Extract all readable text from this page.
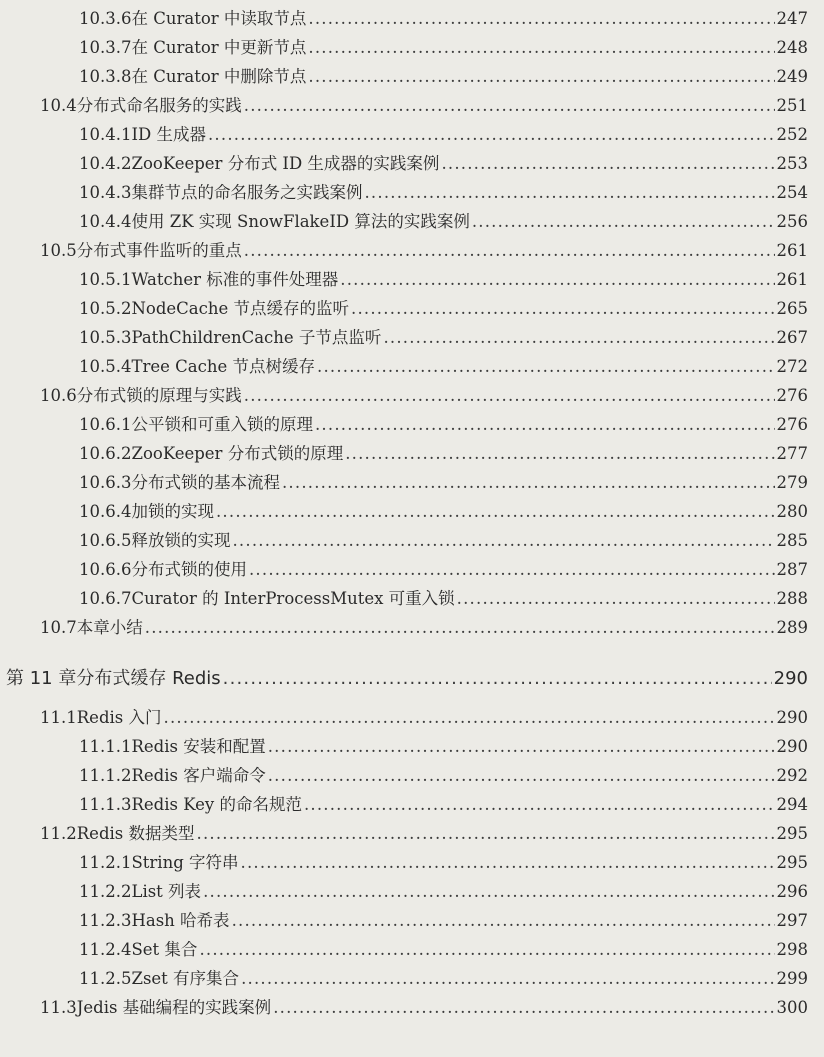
10.3.6 在 Curator 中读取节点 .....	247
10.3.7 在 Curator 中更新节点 .....	248
10.3.8 在 Curator 中删除节点 .....	249
10.4 分布式命名服务的实践 .....	251
10.4.1 ID 生成器 .....	252
10.4.2 ZooKeeper 分布式 ID 生成器的实践案例 .....	253
10.4.3 集群节点的命名服务之实践案例 .....	254
10.4.4 使用 ZK 实现 SnowFlakeID 算法的实践案例 .....	256
10.5 分布式事件监听的重点 .....	261
10.5.1 Watcher 标准的事件处理器 .....	261
10.5.2 NodeCache 节点缓存的监听 .....	265
10.5.3 PathChildrenCache 子节点监听 .....	267
10.5.4 Tree Cache 节点树缓存 .....	272
10.6 分布式锁的原理与实践 .....	276
10.6.1 公平锁和可重入锁的原理 .....	276
10.6.2 ZooKeeper 分布式锁的原理 .....	277
10.6.3 分布式锁的基本流程 .....	279
10.6.4 加锁的实现 .....	280
10.6.5 释放锁的实现 .....	285
10.6.6 分布式锁的使用 .....	287
10.6.7 Curator 的 InterProcessMutex 可重入锁 .....	288
10.7 本章小结 .....	289
第 11 章 分布式缓存 Redis .....	290
11.1 Redis 入门 .....	290
11.1.1 Redis 安装和配置 .....	290
11.1.2 Redis 客户端命令 .....	292
11.1.3 Redis Key 的命名规范 .....	294
11.2 Redis 数据类型 .....	295
11.2.1 String 字符串 .....	295
11.2.2 List 列表 .....	296
11.2.3 Hash 哈希表 .....	297
11.2.4 Set 集合 .....	298
11.2.5 Zset 有序集合 .....	299
11.3 Jedis 基础编程的实践案例 .....	300
